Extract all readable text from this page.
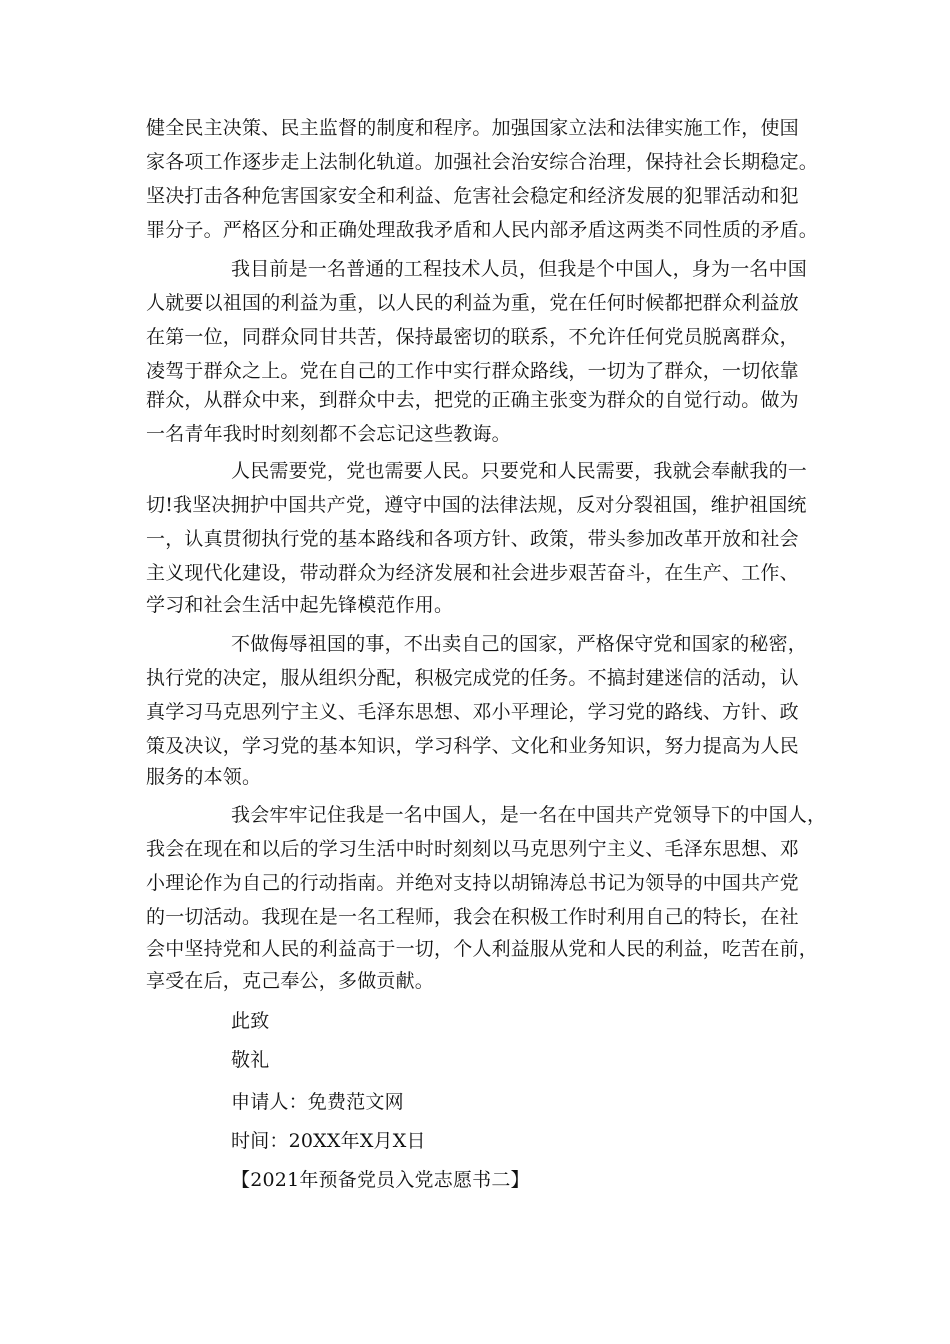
健全民主决策、民主监督的制度和程序。加强国家立法和法律实施工作，使国
家各项工作逐步走上法制化轨道。加强社会治安综合治理，保持社会长期稳定。
坚决打击各种危害国家安全和利益、危害社会稳定和经济发展的犯罪活动和犯
罪分子。严格区分和正确处理敌我矛盾和人民内部矛盾这两类不同性质的矛盾。
我目前是一名普通的工程技术人员，但我是个中国人，身为一名中国
人就要以祖国的利益为重，以人民的利益为重，党在任何时候都把群众利益放
在第一位，同群众同甘共苦，保持最密切的联系，不允许任何党员脱离群众，
凌驾于群众之上。党在自己的工作中实行群众路线，一切为了群众，一切依靠
群众，从群众中来，到群众中去，把党的正确主张变为群众的自觉行动。做为
一名青年我时时刻刻都不会忘记这些教诲。
人民需要党，党也需要人民。只要党和人民需要，我就会奉献我的一
切!我坚决拥护中国共产党，遵守中国的法律法规，反对分裂祖国，维护祖国统
一，认真贯彻执行党的基本路线和各项方针、政策，带头参加改革开放和社会
主义现代化建设，带动群众为经济发展和社会进步艰苦奋斗，在生产、工作、
学习和社会生活中起先锋模范作用。
不做侮辱祖国的事，不出卖自己的国家，严格保守党和国家的秘密，
执行党的决定，服从组织分配，积极完成党的任务。不搞封建迷信的活动，认
真学习马克思列宁主义、毛泽东思想、邓小平理论，学习党的路线、方针、政
策及决议，学习党的基本知识，学习科学、文化和业务知识，努力提高为人民
服务的本领。
我会牢牢记住我是一名中国人，是一名在中国共产党领导下的中国人，
我会在现在和以后的学习生活中时时刻刻以马克思列宁主义、毛泽东思想、邓
小理论作为自己的行动指南。并绝对支持以胡锦涛总书记为领导的中国共产党
的一切活动。我现在是一名工程师，我会在积极工作时利用自己的特长，在社
会中坚持党和人民的利益高于一切，个人利益服从党和人民的利益，吃苦在前，
享受在后，克己奉公，多做贡献。
此致
敬礼
申请人：免费范文网
时间：20XX年X月X日
【2021年预备党员入党志愿书二】
